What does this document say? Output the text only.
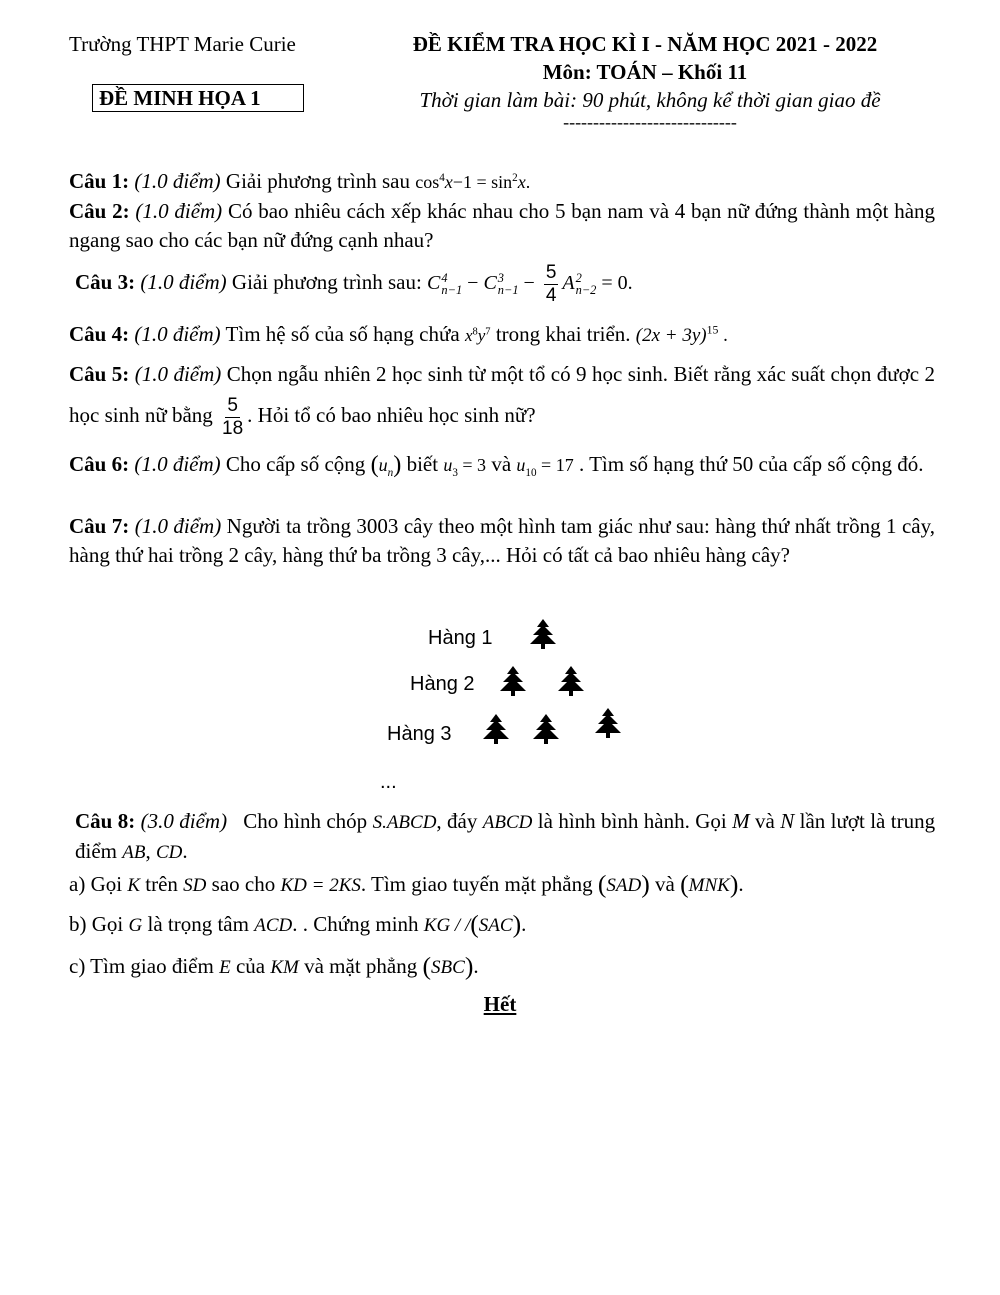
Trường THPT Marie Curie	ĐỀ KIỂM TRA HỌC KÌ I - NĂM HỌC 2021 - 2022
Môn: TOÁN – Khối 11
ĐỀ MINH HỌA 1	Thời gian làm bài: 90 phút, không kể thời gian giao đề
-----------------------------
Câu 1: (1.0 điểm) Giải phương trình sau $\cos^4x-1 = \sin^2x$.
Câu 2: (1.0 điểm) Có bao nhiêu cách xếp khác nhau cho 5 bạn nam và 4 bạn nữ đứng thành một hàng ngang sao cho các bạn nữ đứng cạnh nhau?
Câu 3: (1.0 điểm) Giải phương trình sau: C 4
n−1 − C 3
$n-1 - \frac{5}{4}$ A 2
n−2 = 0.
Câu 4: (1.0 điểm) Tìm hệ số của số hạng chứa $x^8y^7$ trong khai triển. $(2x + 3y)^{15}$ .
Câu 5: (1.0 điểm) Chọn ngẫu nhiên 2 học sinh từ một tổ có 9 học sinh. Biết rằng xác suất chọn được 2 học sinh nữ bằng $\frac{5}{18}$ . Hỏi tổ có bao nhiêu học sinh nữ?
Câu 6: (1.0 điểm) Cho cấp số cộng (un) biết u3 = 3 và u10 = 17 . Tìm số hạng thứ 50 của cấp số cộng đó.
Câu 7: (1.0 điểm) Người ta trồng 3003 cây theo một hình tam giác như sau: hàng thứ nhất trồng 1 cây, hàng thứ hai trồng 2 cây, hàng thứ ba trồng 3 cây,... Hỏi có tất cả bao nhiêu hàng cây?
Hàng 1
Hàng 2
Hàng 3
...
Câu 8: (3.0 điểm) Cho hình chóp S.ABCD, đáy ABCD là hình bình hành. Gọi M và N lần lượt là trung điểm AB, CD.
a) Gọi K trên SD sao cho KD = 2KS. Tìm giao tuyến mặt phẳng (SAD) và (MNK).
b) Gọi G là trọng tâm ACD. . Chứng minh KG / /(SAC).
c) Tìm giao điểm E của KM và mặt phẳng (SBC).
Hết
